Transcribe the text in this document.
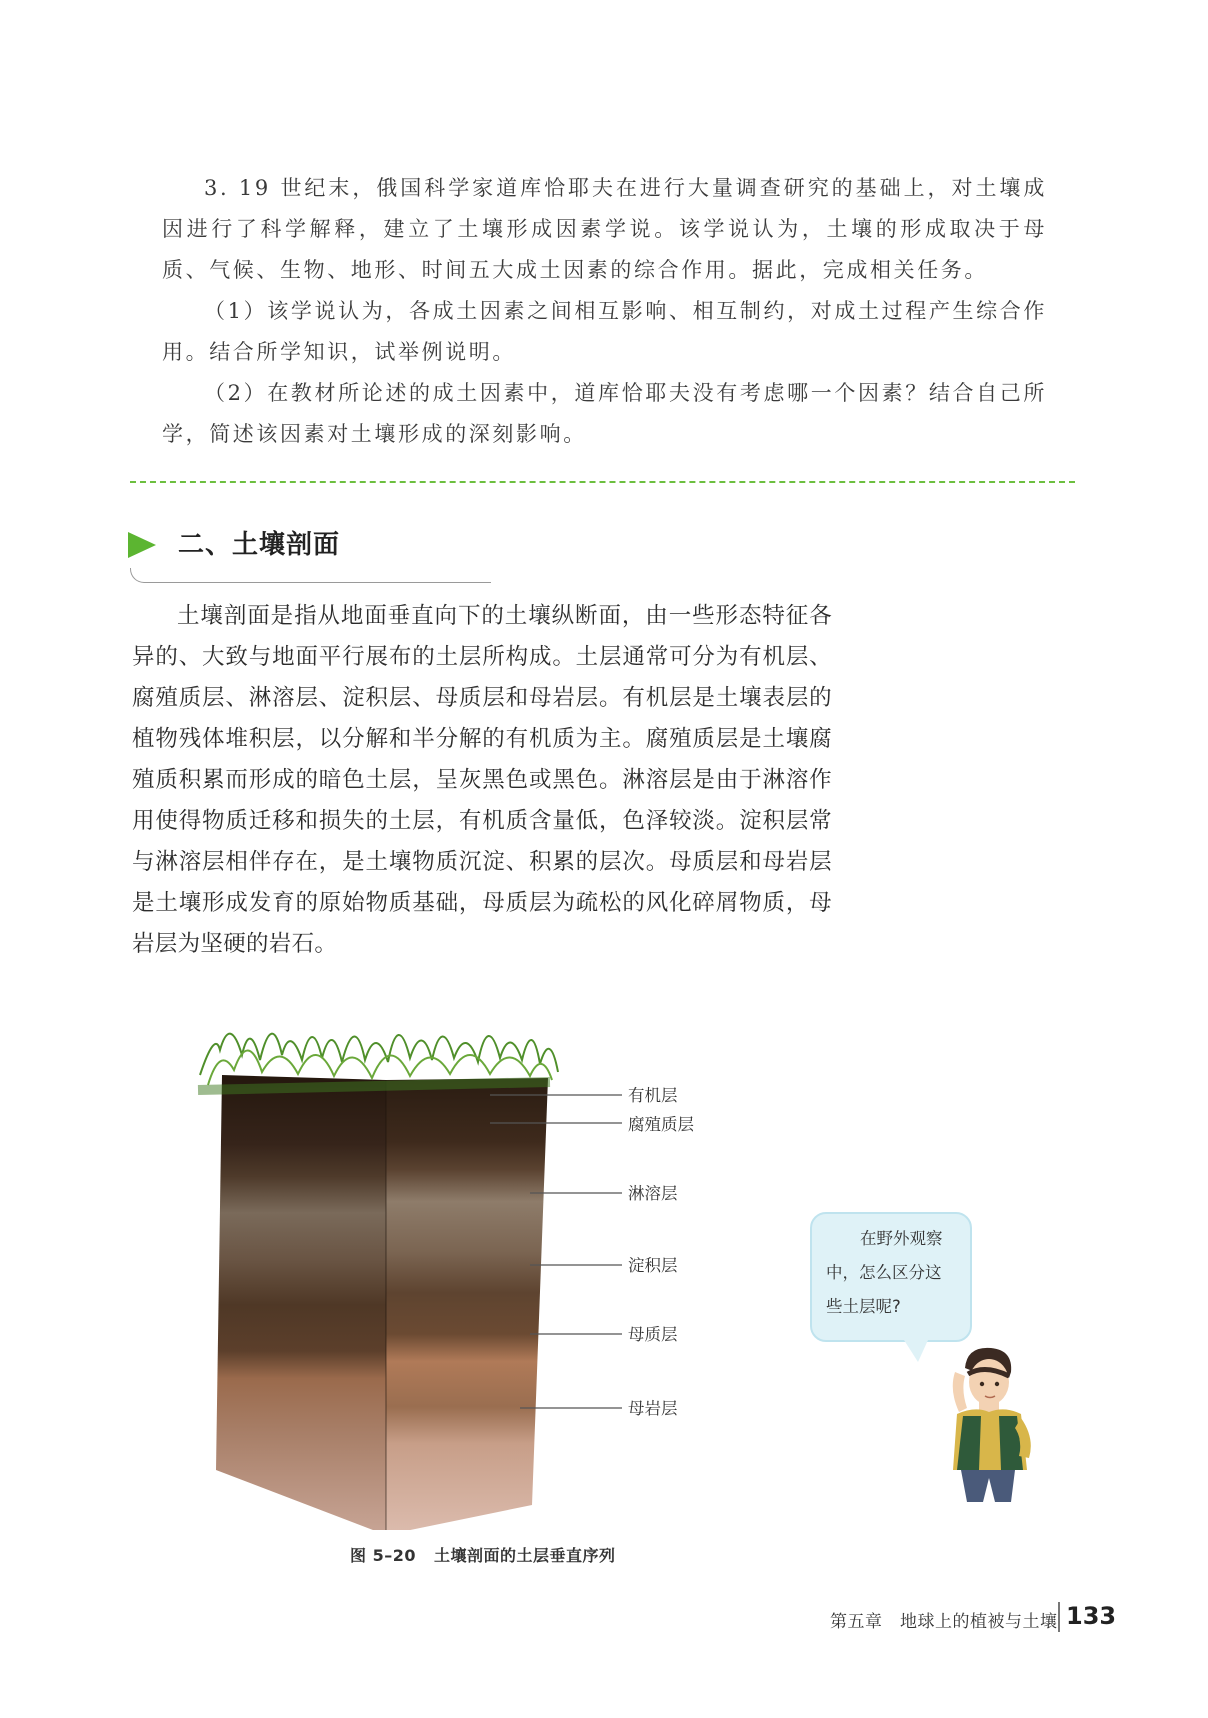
3. 19 世纪末，俄国科学家道库恰耶夫在进行大量调查研究的基础上，对土壤成因进行了科学解释，建立了土壤形成因素学说。该学说认为，土壤的形成取决于母质、气候、生物、地形、时间五大成土因素的综合作用。据此，完成相关任务。

（1）该学说认为，各成土因素之间相互影响、相互制约，对成土过程产生综合作用。结合所学知识，试举例说明。

（2）在教材所论述的成土因素中，道库恰耶夫没有考虑哪一个因素？结合自己所学，简述该因素对土壤形成的深刻影响。

二、土壤剖面

土壤剖面是指从地面垂直向下的土壤纵断面，由一些形态特征各异的、大致与地面平行展布的土层所构成。土层通常可分为有机层、腐殖质层、淋溶层、淀积层、母质层和母岩层。有机层是土壤表层的植物残体堆积层，以分解和半分解的有机质为主。腐殖质层是土壤腐殖质积累而形成的暗色土层，呈灰黑色或黑色。淋溶层是由于淋溶作用使得物质迁移和损失的土层，有机质含量低，色泽较淡。淀积层常与淋溶层相伴存在，是土壤物质沉淀、积累的层次。母质层和母岩层是土壤形成发育的原始物质基础，母质层为疏松的风化碎屑物质，母岩层为坚硬的岩石。

有机层
腐殖质层
淋溶层
淀积层
母质层
母岩层
图 5–20 土壤剖面的土层垂直序列

在野外观察

中，怎么区分这

些土层呢?

第五章　地球上的植被与土壤 133
